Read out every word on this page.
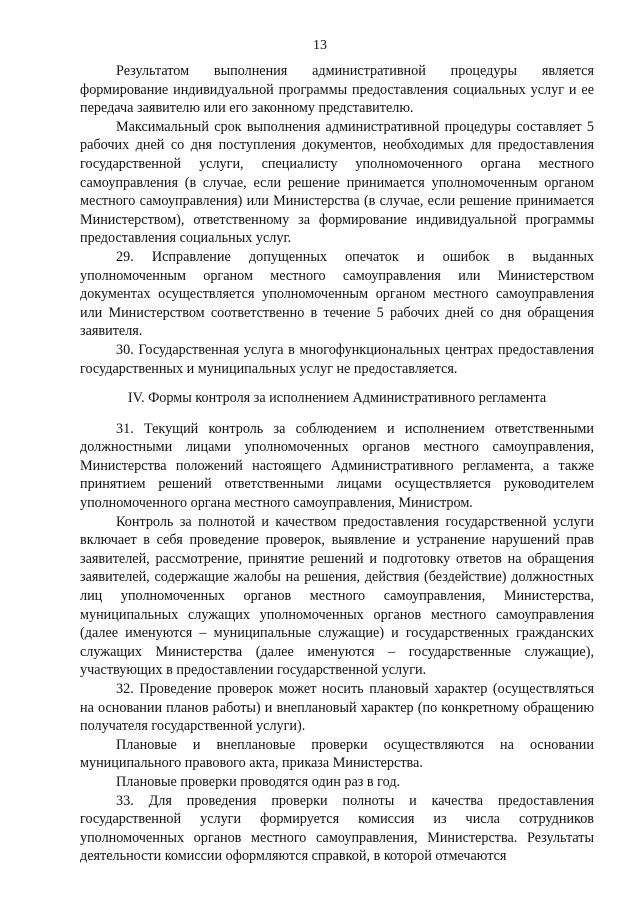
13

Результатом выполнения административной процедуры является формирование индивидуальной программы предоставления социальных услуг и ее передача заявителю или его законному представителю.

Максимальный срок выполнения административной процедуры составляет 5 рабочих дней со дня поступления документов, необходимых для предоставления государственной услуги, специалисту уполномоченного органа местного самоуправления (в случае, если решение принимается уполномоченным органом местного самоуправления) или Министерства (в случае, если решение принимается Министерством), ответственному за формирование индивидуальной программы предоставления социальных услуг.

29. Исправление допущенных опечаток и ошибок в выданных уполномоченным органом местного самоуправления или Министерством документах осуществляется уполномоченным органом местного самоуправления или Министерством соответственно в течение 5 рабочих дней со дня обращения заявителя.

30. Государственная услуга в многофункциональных центрах предоставления государственных и муниципальных услуг не предоставляется.

IV. Формы контроля за исполнением Административного регламента

31. Текущий контроль за соблюдением и исполнением ответственными должностными лицами уполномоченных органов местного самоуправления, Министерства положений настоящего Административного регламента, а также принятием решений ответственными лицами осуществляется руководителем уполномоченного органа местного самоуправления, Министром.

Контроль за полнотой и качеством предоставления государственной услуги включает в себя проведение проверок, выявление и устранение нарушений прав заявителей, рассмотрение, принятие решений и подготовку ответов на обращения заявителей, содержащие жалобы на решения, действия (бездействие) должностных лиц уполномоченных органов местного самоуправления, Министерства, муниципальных служащих уполномоченных органов местного самоуправления (далее именуются – муниципальные служащие) и государственных гражданских служащих Министерства (далее именуются – государственные служащие), участвующих в предоставлении государственной услуги.

32. Проведение проверок может носить плановый характер (осуществляться на основании планов работы) и внеплановый характер (по конкретному обращению получателя государственной услуги).

Плановые и внеплановые проверки осуществляются на основании муниципального правового акта, приказа Министерства.

Плановые проверки проводятся один раз в год.

33. Для проведения проверки полноты и качества предоставления государственной услуги формируется комиссия из числа сотрудников уполномоченных органов местного самоуправления, Министерства. Результаты деятельности комиссии оформляются справкой, в которой отмечаются
